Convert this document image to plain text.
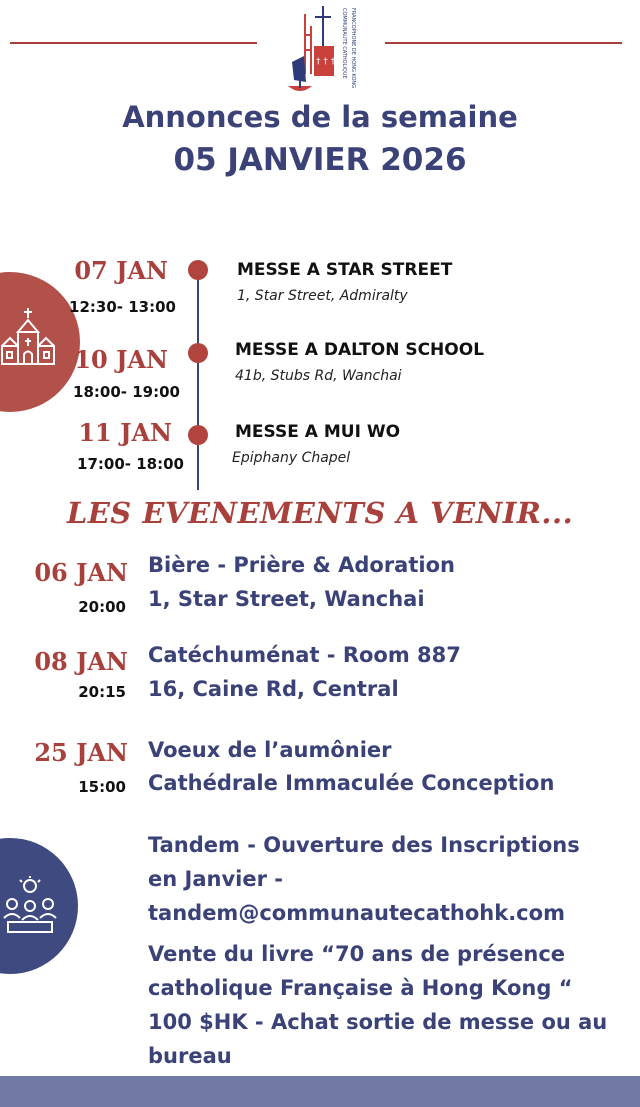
† † †	COMMUNAUTE CATHOLIQUE FRANCOPHONE DE HONG KONG
Annonces de la semaine
05 JANVIER 2026
07 JAN
12:30- 13:00
MESSE A STAR STREET
1, Star Street, Admiralty
10 JAN
18:00- 19:00
MESSE A DALTON SCHOOL
41b, Stubs Rd, Wanchai
11 JAN
17:00- 18:00
MESSE A MUI WO
Epiphany Chapel
LES EVENEMENTS A VENIR...
06 JAN
20:00
Bière - Prière & Adoration
1, Star Street, Wanchai
08 JAN
20:15
Catéchuménat - Room 887
16, Caine Rd, Central
25 JAN
15:00
Voeux de l’aumônier
Cathédrale Immaculée Conception
Tandem - Ouverture des Inscriptions
en Janvier -
tandem@communautecathohk.com
Vente du livre “70 ans de présence
catholique Française à Hong Kong “
100 $HK - Achat sortie de messe ou au
bureau
